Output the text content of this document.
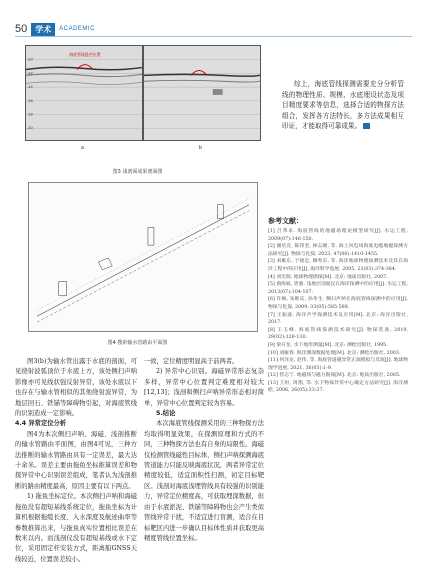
50	学术	ACADEMIC
-10
-12
-14
-16
-18
-20
海底管线悬空位置
a	b
图3 浅剖面成果剖面图
图4 搜索输水管路由平面图

综上，海底管线探测需要充分分析管线的物理性质、规模、水底埋设状态及项目精度要求等信息，选择合适的物探方法组合，发挥各方法特长，多方法成果相互印证，才能取得可靠成果。

图3(b)为输水管出露于水底的剖面，可见绕射波弧顶位于水底上方，该处侧扫声呐影像亦可见线状强反射异常，该处水底以下也存在与输水管相似的其他绕射波异常，为地层回石、铁锚等障碍物引起，对海底管线的识别造成一定影响。

4.4 异常定位分析

图4为本次侧扫声呐、海磁、浅剖推断的输水管路由平面图，由图4可见，三种方法推断的输水管路由具有一定误差，最大达十余米。误差主要由拖鱼坐标推算误差和物探异常中心识别误差组成，笔者认为浅剖推断的路由精度最高，原因主要有以下两点。

1) 拖鱼坐标定位。本次侧扫声呐和海磁拖鱼没有超短基线系统定位，拖鱼坐标为计算机根据拖缆长度、入水深度及航迹曲率等参数推算出来，与拖鱼真实位置相比误差在数米以内。而浅剖仪没有超短基线或水下定位，采用固定杆安装方式，距离船GNSS天线较近，位置误差较小。

一致，定位精度明显高于前两者。

2) 异常中心识别。海磁异常形态复杂多样，异常中心位置判定难度相对较大[12,13]；浅剖和侧扫声呐异常形态相对简单，异常中心位置判定较为容易。

5.结论

本次海底管线探测采用的三种物探方法均取得明显效果，在探测原理和方式的不同，三种物探方法也有自身的局限性。海磁仪检测管线磁性目标体，侧扫声呐探测海底管道能力只能反映海底状况，两者异常定位精度较低，适宜面积性扫测，初定目标靶区。浅剖对海底浅埋管线具有较强的识别能力，异常定位精度高，可获取埋深数据，但由于水底淤泥、铁锚等障碍物也会产生类似管线异常干扰，不适宜进行盲测，适合在目标靶区内进一步确认目标体性质并获取更高精度管线位置坐标。

参考文献：
[1] 吕邦来. 海底管线的地磁场理论模型研究[J]. 水运工程, 2009(07):146-150.
[2] 谢培克, 陈伟坚, 林志刚, 等. 海上风电场海底电缆地磁探测方法研究[J]. 物探与化探, 2023, 47(06):1410-1455.
[3] 刘雁东, 于晓忠, 赖秀东, 等. 海洋地球物理探测技术及其在海洋工程中的应用[J]. 海洋科学进展, 2005, 23(03):374-384.
[4] 刘光瑞. 地球物理勘探[M]. 北京: 地质出版社, 2007.
[5] 俞海斌, 曾强. 浅地层剖面仪在海洋探测中的应用[J]. 水运工程, 2013(07):104-107.
[6] 许枫, 朱维庆, 孙冬生. 侧扫声呐在海底管线探测中的应用[J]. 物探与化探, 2009, 33(05):585-588.
[7] 王振波. 海洋声学探测技术及应用[M]. 北京: 海洋出版社, 2017.
[8] 王玉峰. 海底管线探测技术研究[J]. 物探装备, 2019, 29(02):126-130.
[9] 梁开龙. 水下地形测量[M]. 北京: 测绘出版社, 1995.
[10] 刘雁春. 海洋测深数据处理[M]. 北京: 测绘出版社, 2003.
[11] 何泽龙, 赵伟, 等. 海底管道磁异常正演模拟与反演[J]. 地球物理学进展, 2021, 36(03):1-9.
[12] 管志宁. 地磁场与磁力勘探[M]. 北京: 地质出版社, 2005.
[13] 王恒, 周翔, 等. 水下物探异常中心确定方法研究[J]. 海洋测绘, 2006, 26(05):33-37.
